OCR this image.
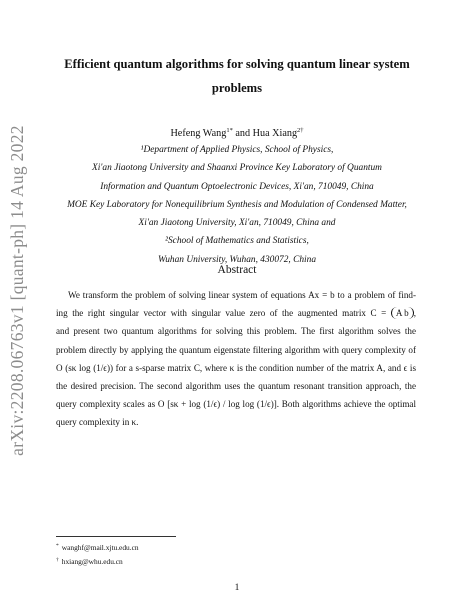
arXiv:2208.06763v1 [quant-ph] 14 Aug 2022
Efficient quantum algorithms for solving quantum linear system
problems
Hefeng Wang$^{1*}$ and Hua Xiang$^{2\dagger}$
¹Department of Applied Physics, School of Physics,
Xi'an Jiaotong University and Shaanxi Province Key Laboratory of Quantum
Information and Quantum Optoelectronic Devices, Xi'an, 710049, China
MOE Key Laboratory for Nonequilibrium Synthesis and Modulation of Condensed Matter,
Xi'an Jiaotong University, Xi'an, 710049, China and
²School of Mathematics and Statistics,
Wuhan University, Wuhan, 430072, China
Abstract
We transform the problem of solving linear system of equations Ax = b to a problem of find-
ing the right singular vector with singular value zero of the augmented matrix C = A b ,
and present two quantum algorithms for solving this problem. The first algorithm solves the
problem directly by applying the quantum eigenstate filtering algorithm with query complexity of
O (sκ log (1/ϵ)) for a s-sparse matrix C, where κ is the condition number of the matrix A, and ϵ is
the desired precision. The second algorithm uses the quantum resonant transition approach, the
query complexity scales as O [sκ + log (1/ϵ) / log log (1/ϵ)]. Both algorithms achieve the optimal
query complexity in κ.
* wanghf@mail.xjtu.edu.cn
† hxiang@whu.edu.cn
1
